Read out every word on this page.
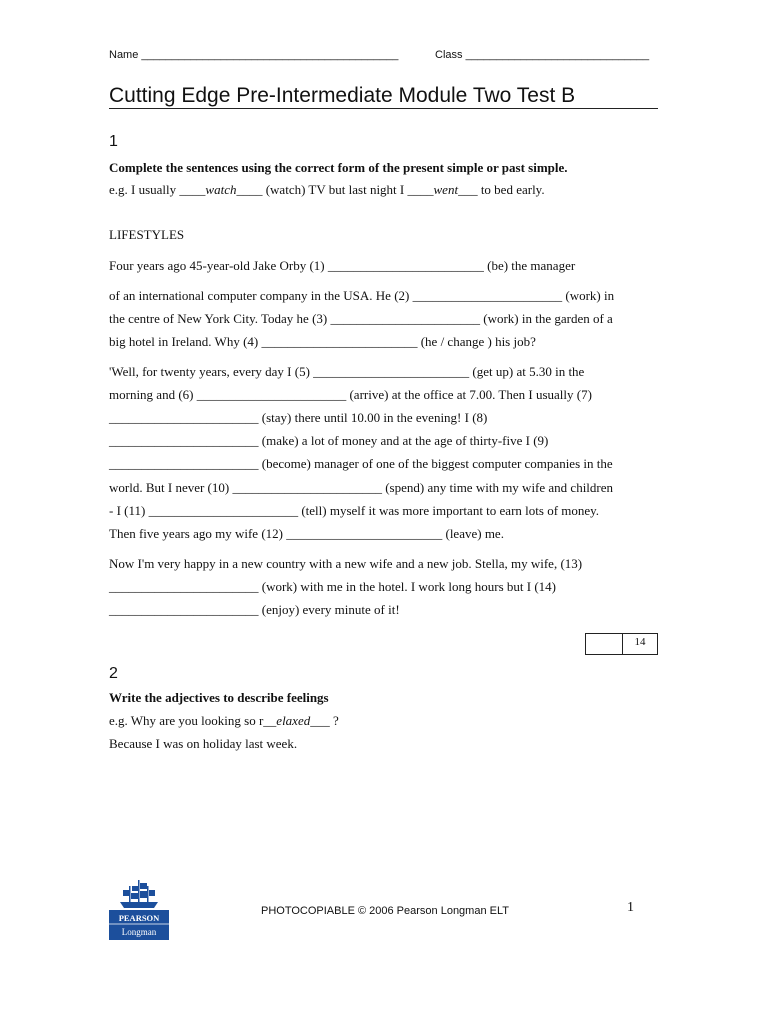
Name __________________________________________	Class ______________________________
Cutting Edge Pre-Intermediate Module Two Test B
1
Complete the sentences using the correct form of the present simple or past simple.
e.g. I usually ____watch____ (watch) TV but last night I ____went___ to bed early.
LIFESTYLES
Four years ago 45-year-old Jake Orby (1) ________________________ (be) the manager
of an international computer company in the USA. He (2) _______________________ (work) in
the centre of New York City. Today he (3) _______________________ (work) in the garden of a
big hotel in Ireland. Why (4) ________________________ (he / change ) his job?
'Well, for twenty years, every day I (5) ________________________ (get up) at 5.30 in the
morning and (6) _______________________ (arrive) at the office at 7.00. Then I usually (7)
_______________________ (stay) there until 10.00 in the evening! I (8)
_______________________ (make) a lot of money and at the age of thirty-five I (9)
_______________________ (become) manager of one of the biggest computer companies in the
world. But I never (10) _______________________ (spend) any time with my wife and children
- I (11) _______________________ (tell) myself it was more important to earn lots of money.
Then five years ago my wife (12) ________________________ (leave) me.
Now I'm very happy in a new country with a new wife and a new job. Stella, my wife, (13)
_______________________ (work) with me in the hotel. I work long hours but I (14)
_______________________ (enjoy) every minute of it!
14
2
Write the adjectives to describe feelings
e.g. Why are you looking so r__elaxed___ ?
Because I was on holiday last week.
PEARSON
Longman
PHOTOCOPIABLE © 2006 Pearson Longman ELT	1
